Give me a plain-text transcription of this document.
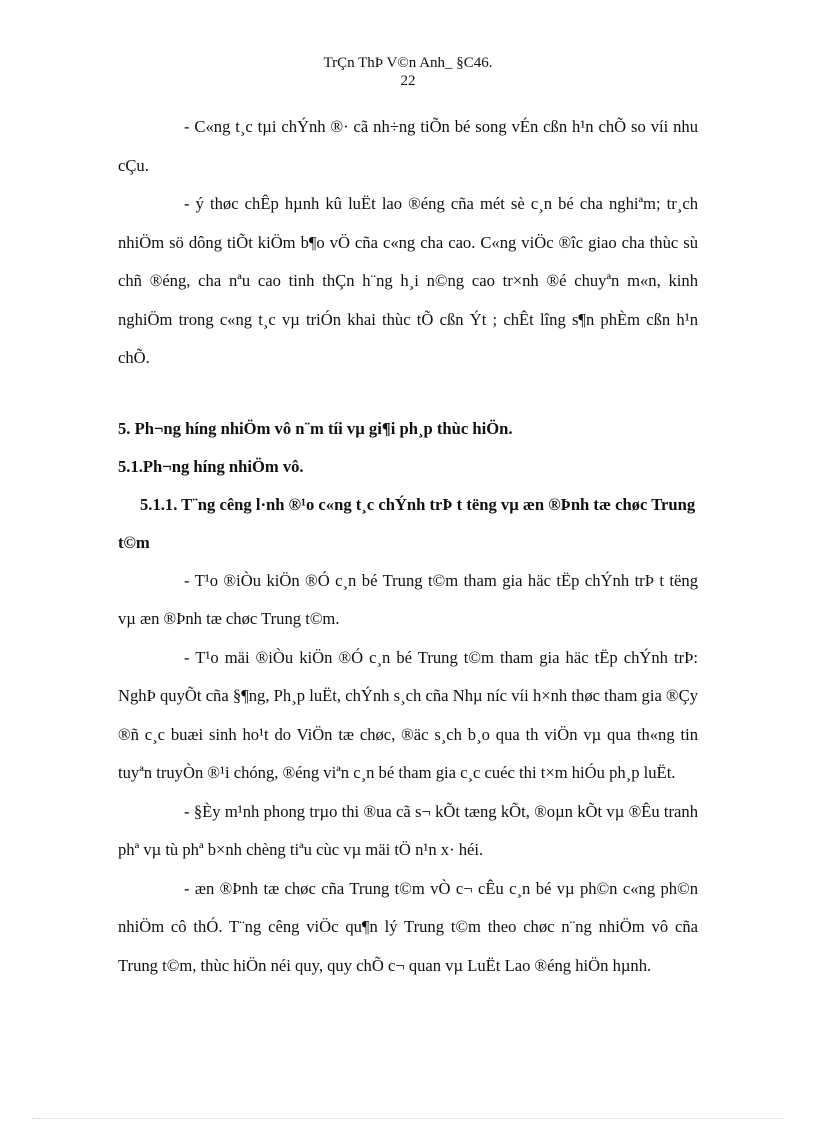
TrÇn ThÞ V©n Anh_ §C46.
22

- C«ng t¸c tµi chÝnh ®· cã nh÷ng tiÕn bé song vÉn cßn h¹n chÕ so víi nhu cÇu.

- ý thøc chÊp hµnh kû luËt lao ®éng cña mét sè c¸n bé cha nghiªm; tr¸ch nhiÖm sö dông tiÕt kiÖm b¶o vÖ cña c«ng cha cao. C«ng viÖc ®îc giao cha thùc sù chñ ®éng, cha nªu cao tinh thÇn h¨ng h¸i n©ng cao tr×nh ®é chuyªn m«n, kinh nghiÖm trong c«ng t¸c vµ triÓn khai thùc tÕ cßn Ýt ; chÊt lîng s¶n phÈm cßn h¹n chÕ.

5. Ph¬ng híng nhiÖm vô n¨m tíi vµ gi¶i ph¸p thùc hiÖn.

5.1.Ph¬ng híng nhiÖm vô.

5.1.1. T¨ng cêng l·nh ®¹o c«ng t¸c chÝnh trÞ t tëng vµ æn ®Þnh tæ chøc Trung t©m

- T¹o ®iÒu kiÖn ®Ó c¸n bé Trung t©m tham gia häc tËp chÝnh trÞ t tëng vµ æn ®Þnh tæ chøc Trung t©m.

- T¹o mäi ®iÒu kiÖn ®Ó c¸n bé Trung t©m tham gia häc tËp chÝnh trÞ: NghÞ quyÕt cña §¶ng, Ph¸p luËt, chÝnh s¸ch cña Nhµ níc víi h×nh thøc tham gia ®Çy ®ñ c¸c buæi sinh ho¹t do ViÖn tæ chøc, ®äc s¸ch b¸o qua th viÖn vµ qua th«ng tin tuyªn truyÒn ®¹i chóng, ®éng viªn c¸n bé tham gia c¸c cuéc thi t×m hiÓu ph¸p luËt.

- §Èy m¹nh phong trµo thi ®ua cã s¬ kÕt tæng kÕt, ®oµn kÕt vµ ®Êu tranh phª vµ tù phª b×nh chèng tiªu cùc vµ mäi tÖ n¹n x· héi.

- æn ®Þnh tæ chøc cña Trung t©m vÒ c¬ cÊu c¸n bé vµ ph©n c«ng ph©n nhiÖm cô thÓ. T¨ng cêng viÖc qu¶n lý Trung t©m theo chøc n¨ng nhiÖm vô cña Trung t©m, thùc hiÖn néi quy, quy chÕ c¬ quan vµ LuËt Lao ®éng hiÖn hµnh.
